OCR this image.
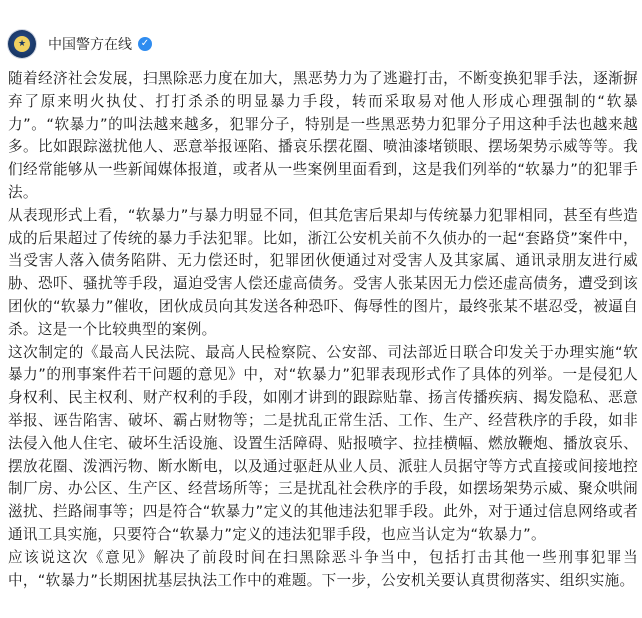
★ 中国警方在线 ✓

随着经济社会发展，扫黑除恶力度在加大，黑恶势力为了逃避打击，不断变换犯罪手法，逐渐摒弃了原来明火执仗、打打杀杀的明显暴力手段，转而采取易对他人形成心理强制的“软暴力”。“软暴力”的叫法越来越多，犯罪分子，特别是一些黑恶势力犯罪分子用这种手法也越来越多。比如跟踪滋扰他人、恶意举报诬陷、播哀乐摆花圈、喷油漆堵锁眼、摆场架势示威等等。我们经常能够从一些新闻媒体报道，或者从一些案例里面看到，这是我们列举的“软暴力”的犯罪手法。

从表现形式上看，“软暴力”与暴力明显不同，但其危害后果却与传统暴力犯罪相同，甚至有些造成的后果超过了传统的暴力手法犯罪。比如，浙江公安机关前不久侦办的一起“套路贷”案件中，当受害人落入债务陷阱、无力偿还时，犯罪团伙便通过对受害人及其家属、通讯录朋友进行威胁、恐吓、骚扰等手段，逼迫受害人偿还虚高债务。受害人张某因无力偿还虚高债务，遭受到该团伙的“软暴力”催收，团伙成员向其发送各种恐吓、侮辱性的图片，最终张某不堪忍受，被逼自杀。这是一个比较典型的案例。

这次制定的《最高人民法院、最高人民检察院、公安部、司法部近日联合印发关于办理实施“软暴力”的刑事案件若干问题的意见》中，对“软暴力”犯罪表现形式作了具体的列举。一是侵犯人身权利、民主权利、财产权利的手段，如刚才讲到的跟踪贴靠、扬言传播疾病、揭发隐私、恶意举报、诬告陷害、破坏、霸占财物等；二是扰乱正常生活、工作、生产、经营秩序的手段，如非法侵入他人住宅、破坏生活设施、设置生活障碍、贴报喷字、拉挂横幅、燃放鞭炮、播放哀乐、摆放花圈、泼洒污物、断水断电，以及通过驱赶从业人员、派驻人员据守等方式直接或间接地控制厂房、办公区、生产区、经营场所等；三是扰乱社会秩序的手段，如摆场架势示威、聚众哄闹滋扰、拦路闹事等；四是符合“软暴力”定义的其他违法犯罪手段。此外，对于通过信息网络或者通讯工具实施，只要符合“软暴力”定义的违法犯罪手段，也应当认定为“软暴力”。

应该说这次《意见》解决了前段时间在扫黑除恶斗争当中，包括打击其他一些刑事犯罪当中，“软暴力”长期困扰基层执法工作中的难题。下一步，公安机关要认真贯彻落实、组织实施。
